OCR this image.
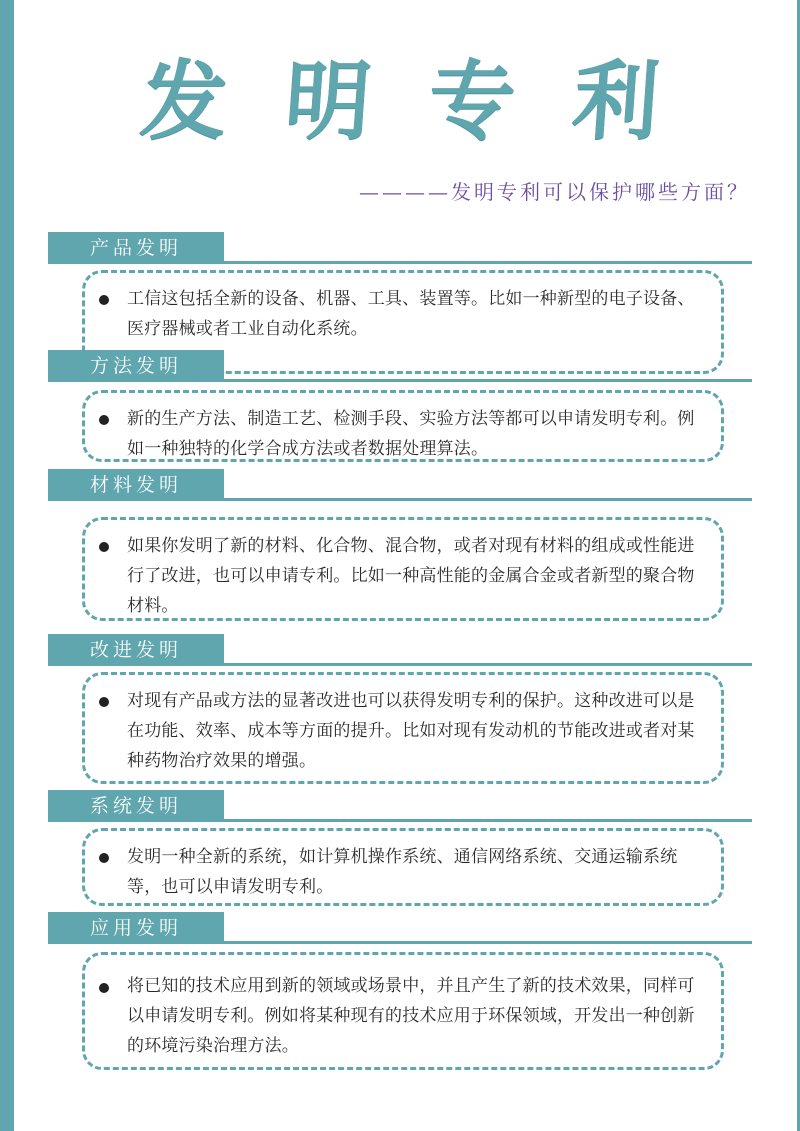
发 明 专 利
————发明专利可以保护哪些方面？
产品发明
工信这包括全新的设备、机器、工具、装置等。比如一种新型的电子设备、医疗器械或者工业自动化系统。
方法发明
新的生产方法、制造工艺、检测手段、实验方法等都可以申请发明专利。例如一种独特的化学合成方法或者数据处理算法。
材料发明
如果你发明了新的材料、化合物、混合物，或者对现有材料的组成或性能进行了改进，也可以申请专利。比如一种高性能的金属合金或者新型的聚合物材料。
改进发明
对现有产品或方法的显著改进也可以获得发明专利的保护。这种改进可以是在功能、效率、成本等方面的提升。比如对现有发动机的节能改进或者对某种药物治疗效果的增强。
系统发明
发明一种全新的系统，如计算机操作系统、通信网络系统、交通运输系统等，也可以申请发明专利。
应用发明
将已知的技术应用到新的领域或场景中，并且产生了新的技术效果，同样可以申请发明专利。例如将某种现有的技术应用于环保领域，开发出一种创新的环境污染治理方法。
